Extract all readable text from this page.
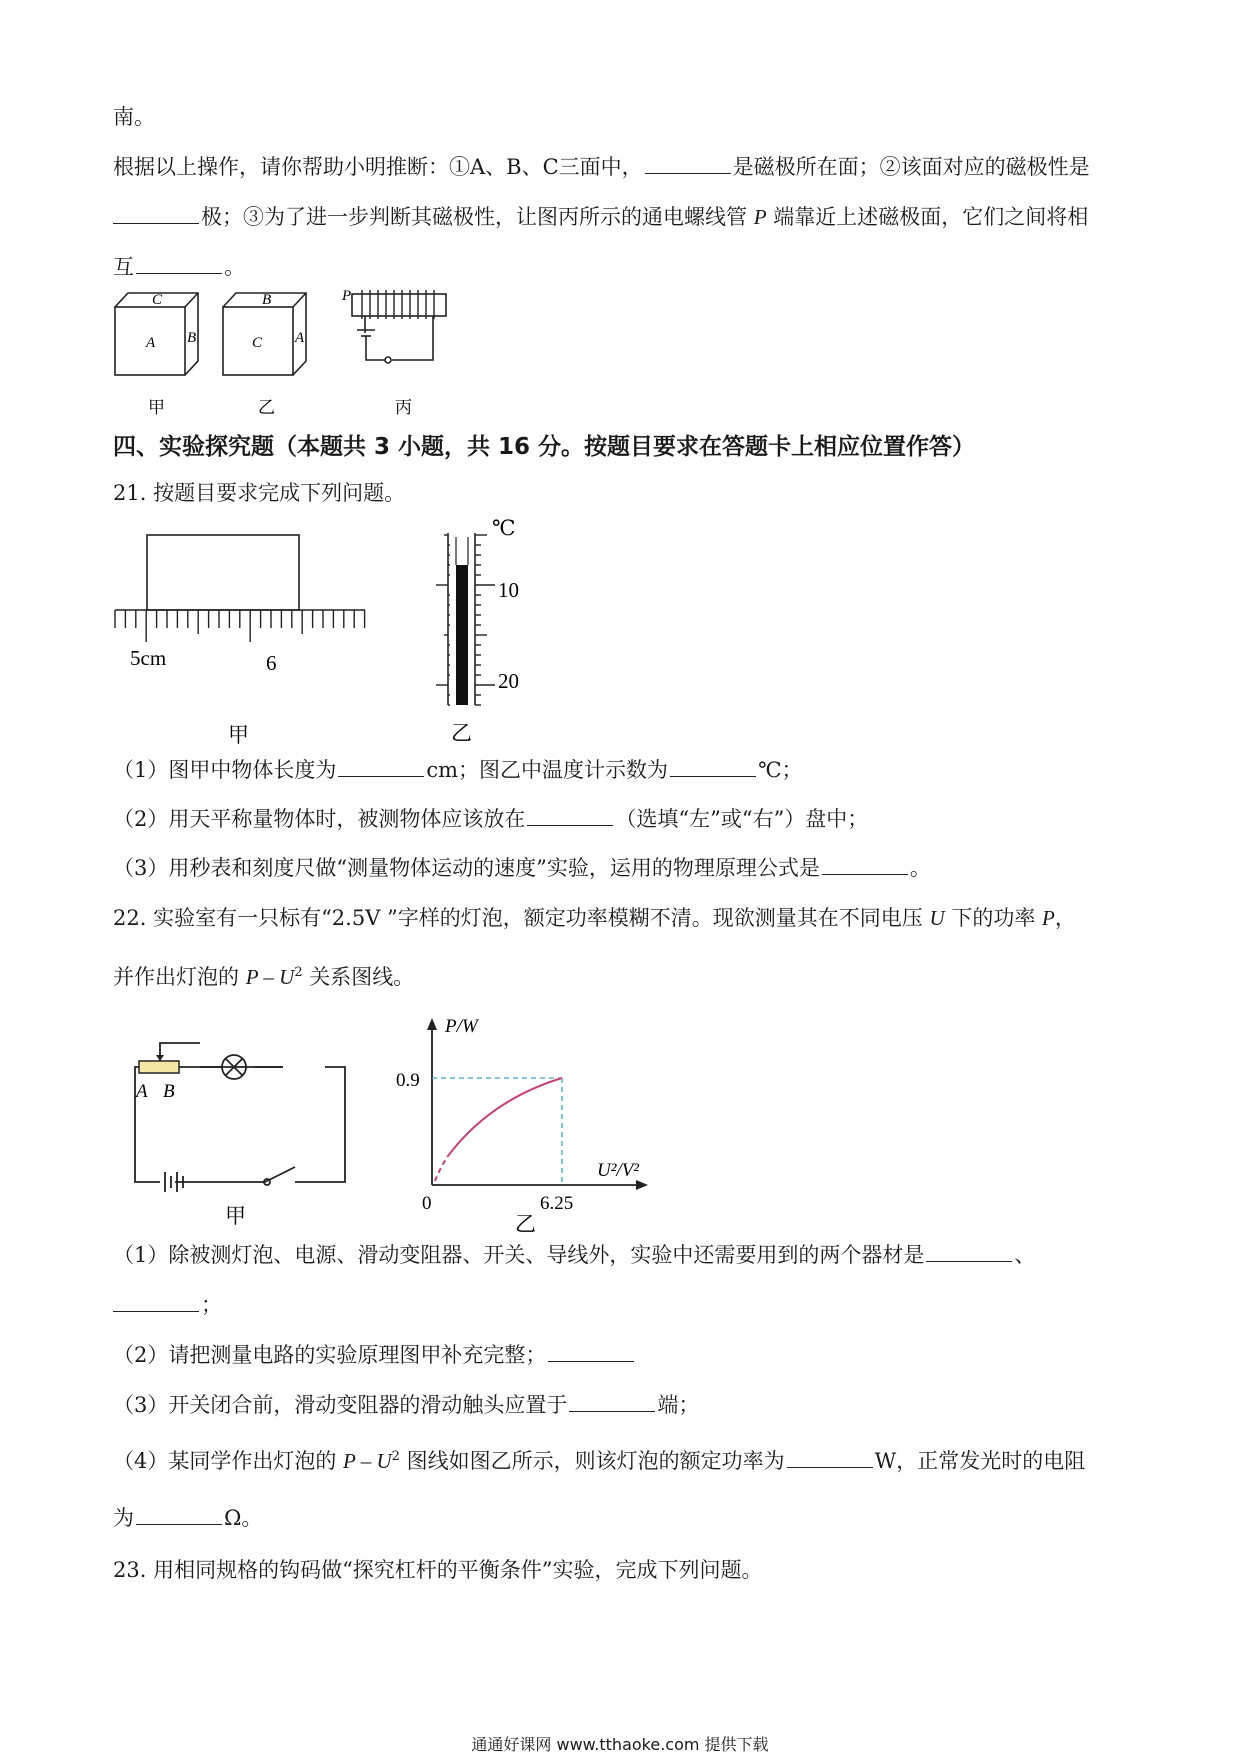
南。
根据以上操作，请你帮助小明推断：①A、B、C三面中，	是磁极所在面；②该面对应的磁极性是
极；③为了进一步判断其磁极性，让图丙所示的通电螺线管 P 端靠近上述磁极面，它们之间将相
互	。
C
A B
B
C A
P
甲	乙	丙
四、实验探究题（本题共 3 小题，共 16 分。按题目要求在答题卡上相应位置作答）
21. 按题目要求完成下列问题。
5cm	6
甲
℃
10
20
乙
（1）图甲中物体长度为	cm；图乙中温度计示数为	℃；
（2）用天平称量物体时，被测物体应该放在	（选填“左”或“右”）盘中；
（3）用秒表和刻度尺做“测量物体运动的速度”实验，运用的物理原理公式是	。
22. 实验室有一只标有“2.5V ”字样的灯泡，额定功率模糊不清。现欲测量其在不同电压 U 下的功率 P，
并作出灯泡的 P – $U^2$ 关系图线。
A B
甲
P/W
U²/V²
0.9
6.25
0
乙
（1）除被测灯泡、电源、滑动变阻器、开关、导线外，实验中还需要用到的两个器材是	、
；
（2）请把测量电路的实验原理图甲补充完整；
（3）开关闭合前，滑动变阻器的滑动触头应置于	端；
（4）某同学作出灯泡的 P – $U^2$ 图线如图乙所示，则该灯泡的额定功率为	W，正常发光时的电阻
为	Ω。
23. 用相同规格的钩码做“探究杠杆的平衡条件”实验，完成下列问题。
通通好课网 www.tthaoke.com 提供下载
